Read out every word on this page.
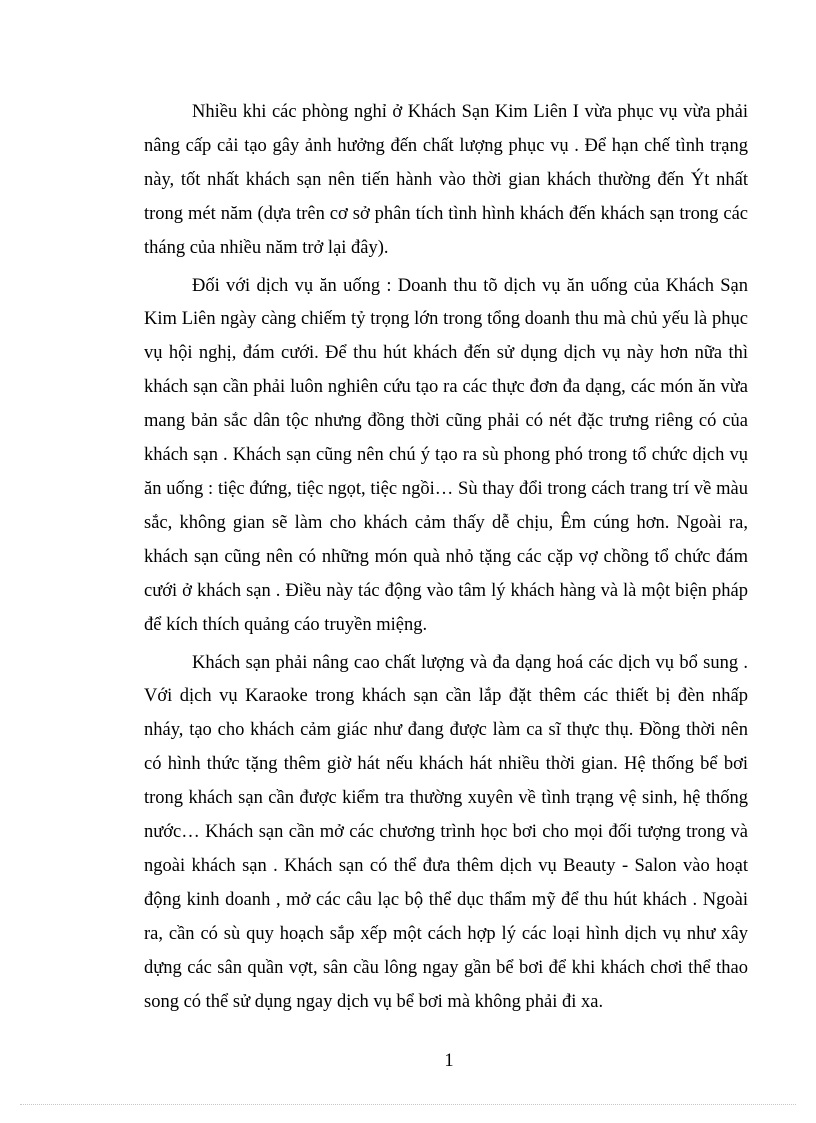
Nhiều khi các phòng nghỉ ở Khách Sạn Kim Liên I vừa phục vụ vừa phải nâng cấp cải tạo gây ảnh hưởng đến chất lượng phục vụ . Để hạn chế tình trạng này, tốt nhất khách sạn nên tiến hành vào thời gian khách thường đến Ýt nhất trong mét năm (dựa trên cơ sở phân tích tình hình khách đến khách sạn trong các tháng của nhiều năm trở lại đây).

Đối với dịch vụ ăn uống : Doanh thu tõ dịch vụ ăn uống của Khách Sạn Kim Liên ngày càng chiếm tỷ trọng lớn trong tổng doanh thu mà chủ yếu là phục vụ hội nghị, đám cưới. Để thu hút khách đến sử dụng dịch vụ này hơn nữa thì khách sạn cần phải luôn nghiên cứu tạo ra các thực đơn đa dạng, các món ăn vừa mang bản sắc dân tộc nhưng đồng thời cũng phải có nét đặc trưng riêng có của khách sạn . Khách sạn cũng nên chú ý tạo ra sù phong phó trong tổ chức dịch vụ ăn uống : tiệc đứng, tiệc ngọt, tiệc ngồi… Sù thay đổi trong cách trang trí về màu sắc, không gian sẽ làm cho khách cảm thấy dễ chịu, Êm cúng hơn. Ngoài ra, khách sạn cũng nên có những món quà nhỏ tặng các cặp vợ chồng tổ chức đám cưới ở khách sạn . Điều này tác động vào tâm lý khách hàng và là một biện pháp để kích thích quảng cáo truyền miệng.

Khách sạn phải nâng cao chất lượng và đa dạng hoá các dịch vụ bổ sung . Với dịch vụ Karaoke trong khách sạn cần lắp đặt thêm các thiết bị đèn nhấp nháy, tạo cho khách cảm giác như đang được làm ca sĩ thực thụ. Đồng thời nên có hình thức tặng thêm giờ hát nếu khách hát nhiều thời gian. Hệ thống bể bơi trong khách sạn cần được kiểm tra thường xuyên về tình trạng vệ sinh, hệ thống nước… Khách sạn cần mở các chương trình học bơi cho mọi đối tượng trong và ngoài khách sạn . Khách sạn có thể đưa thêm dịch vụ Beauty - Salon vào hoạt động kinh doanh , mở các câu lạc bộ thể dục thẩm mỹ để thu hút khách . Ngoài ra, cần có sù quy hoạch sắp xếp một cách hợp lý các loại hình dịch vụ như xây dựng các sân quần vợt, sân cầu lông ngay gần bể bơi để khi khách chơi thể thao song có thể sử dụng ngay dịch vụ bể bơi mà không phải đi xa.

1
